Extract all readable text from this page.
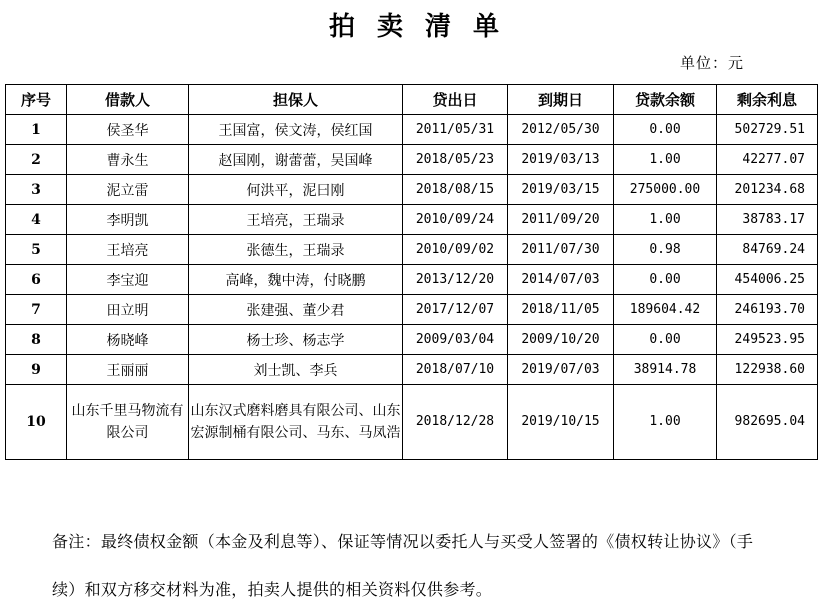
拍卖清单
单位：元
序号	借款人	担保人	贷出日	到期日	贷款余额	剩余利息
1	侯圣华	王国富，侯文涛，侯红国	2011/05/31	2012/05/30	0.00	502729.51
2	曹永生	赵国刚，谢蕾蕾，吴国峰	2018/05/23	2019/03/13	1.00	42277.07
3	泥立雷	何洪平，泥曰刚	2018/08/15	2019/03/15	275000.00	201234.68
4	李明凯	王培亮，王瑞录	2010/09/24	2011/09/20	1.00	38783.17
5	王培亮	张德生，王瑞录	2010/09/02	2011/07/30	0.98	84769.24
6	李宝迎	高峰，魏中涛，付晓鹏	2013/12/20	2014/07/03	0.00	454006.25
7	田立明	张建强、董少君	2017/12/07	2018/11/05	189604.42	246193.70
8	杨晓峰	杨士珍、杨志学	2009/03/04	2009/10/20	0.00	249523.95
9	王丽丽	刘士凯、李兵	2018/07/10	2019/07/03	38914.78	122938.60
10	山东千里马物流有限公司	山东汉式磨料磨具有限公司、山东宏源制桶有限公司、马东、马凤浩	2018/12/28	2019/10/15	1.00	982695.04
备注：最终债权金额（本金及利息等）、保证等情况以委托人与买受人签署的《债权转让协议》（手续）和双方移交材料为准，拍卖人提供的相关资料仅供参考。
